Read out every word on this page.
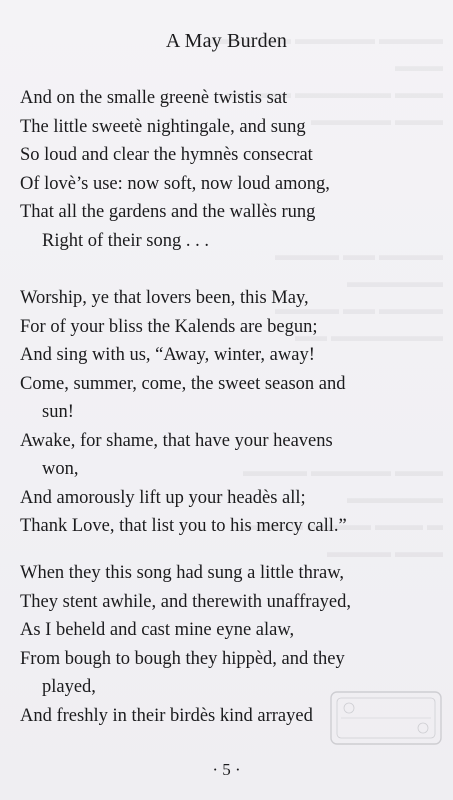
A May Burden
And on the smalle greenè twistis sat
The little sweetè nightingale, and sung
So loud and clear the hymnès consecrat
Of lovè’s use: now soft, now loud among,
That all the gardens and the wallès rung
Right of their song . . .
Worship, ye that lovers been, this May,
For of your bliss the Kalends are begun;
And sing with us, “Away, winter, away!
Come, summer, come, the sweet season and
sun!
Awake, for shame, that have your heavens
won,
And amorously lift up your headès all;
Thank Love, that list you to his mercy call.”
When they this song had sung a little thraw,
They stent awhile, and therewith unaffrayed,
As I beheld and cast mine eyne alaw,
From bough to bough they hippèd, and they
played,
And freshly in their birdès kind arrayed
· 5 ·
